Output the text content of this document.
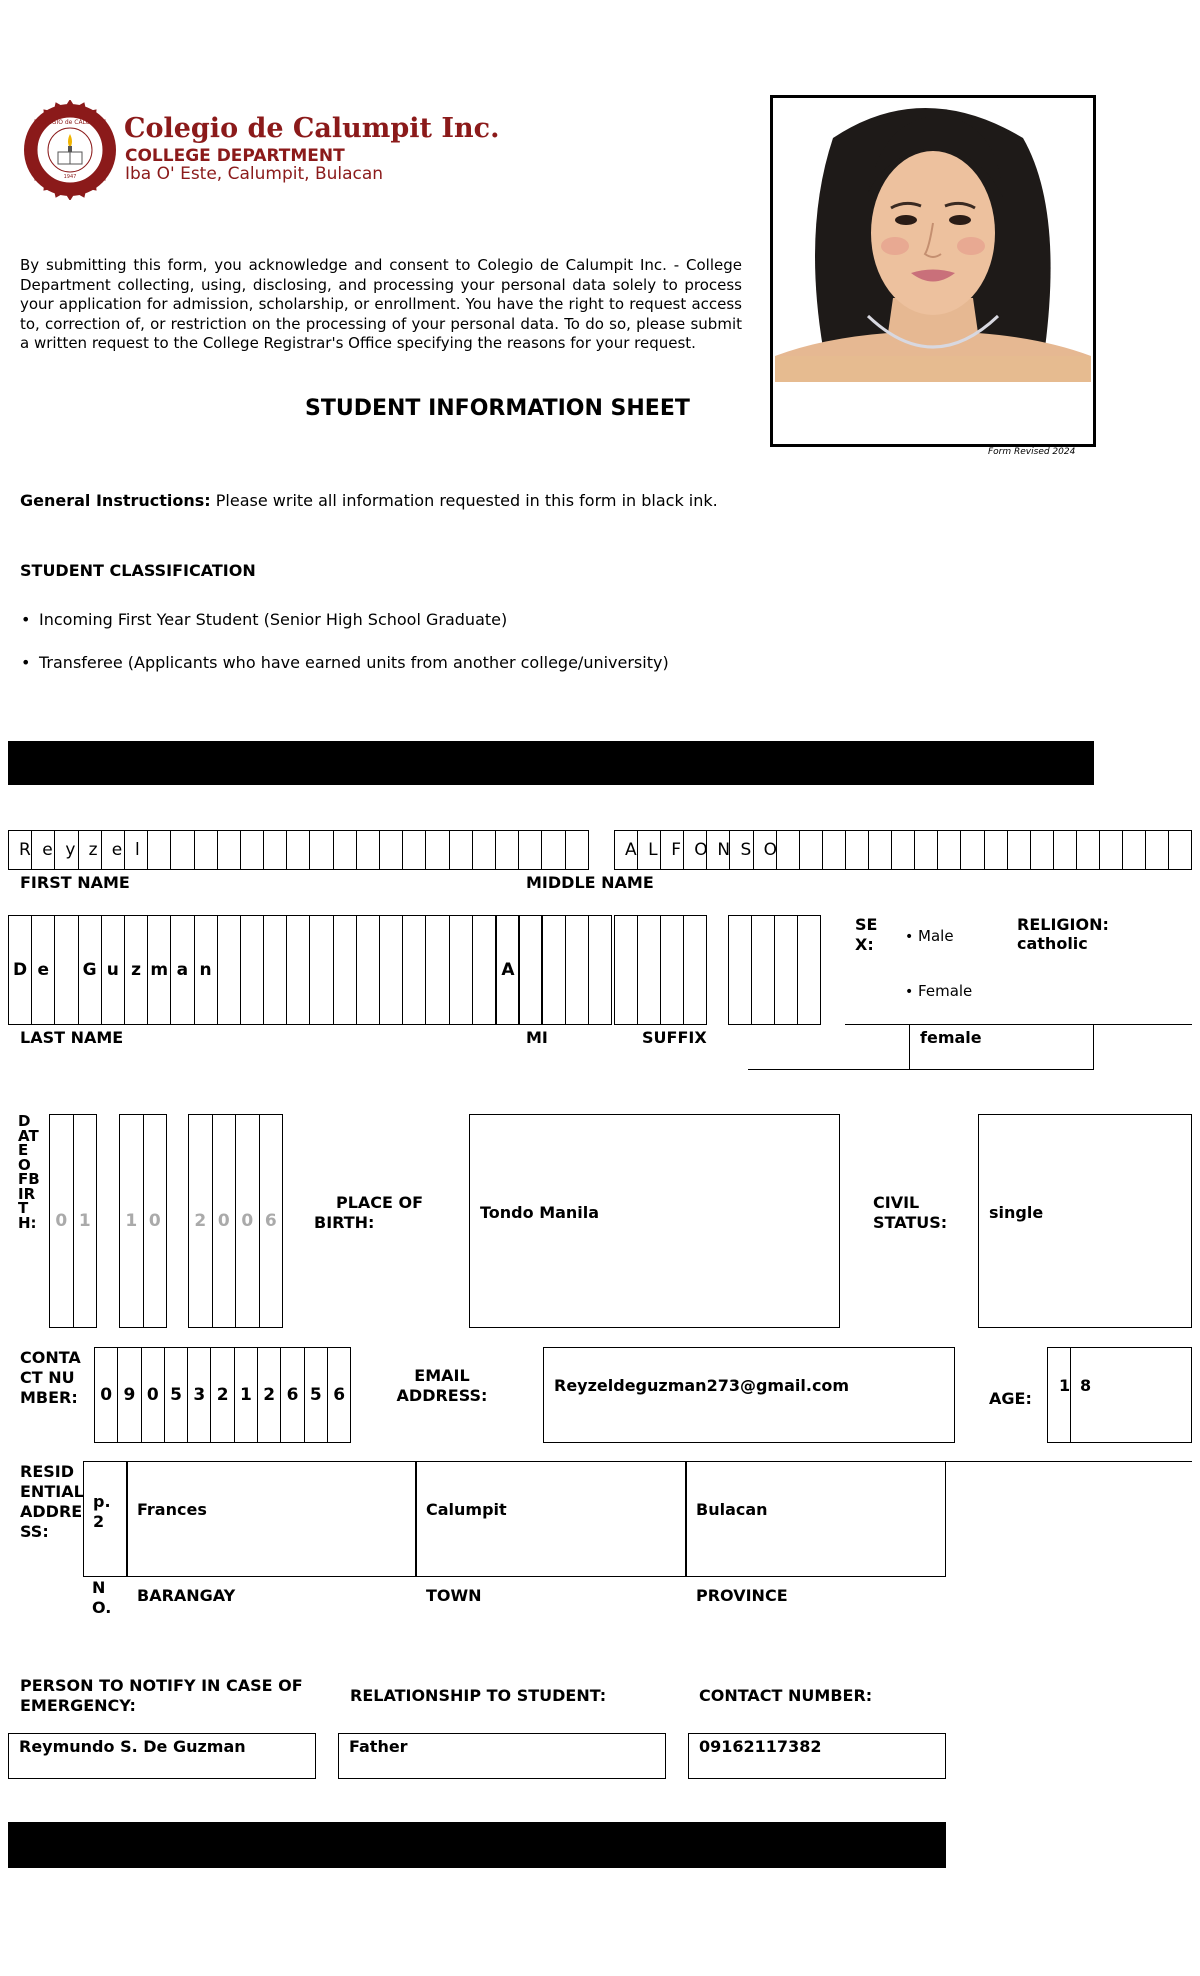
COLEGIO de CALUMPIT
1947
Colegio de Calumpit Inc.
COLLEGE DEPARTMENT
Iba O' Este, Calumpit, Bulacan
Form Revised 2024
By submitting this form, you acknowledge and consent to Colegio de Calumpit Inc. - College Department collecting, using, disclosing, and processing your personal data solely to process your application for admission, scholarship, or enrollment. You have the right to request access to, correction of, or restriction on the processing of your personal data. To do so, please submit a written request to the College Registrar's Office specifying the reasons for your request.
STUDENT INFORMATION SHEET
General Instructions: Please write all information requested in this form in black ink.
STUDENT CLASSIFICATION
• Incoming First Year Student (Senior High School Graduate)
• Transferee (Applicants who have earned units from another college/university)
R e y z e l
FIRST NAME
A L F O N S O
MIDDLE NAME
D e G u z m a n	A
LAST NAME	MI	SUFFIX
SE X:	• Male
• Female
RELIGION:
catholic
female
DATEOFBIRTH: 0 1 1 0 2 0 0 6
PLACE OF BIRTH:
Tondo Manila
CIVIL STATUS:
single
CONTACT NUMBER:	0 9 0 5 3 2 1 2 6 5 6
EMAIL ADDRESS:
Reyzeldeguzman273@gmail.com
AGE:
1 8
RESIDENTIAL ADDRESS:
p. 2
Frances	Calumpit	Bulacan
NO.
BARANGAY	TOWN	PROVINCE
PERSON TO NOTIFY IN CASE OF EMERGENCY:
RELATIONSHIP TO STUDENT:	CONTACT NUMBER:
Reymundo S. De Guzman	Father	09162117382
